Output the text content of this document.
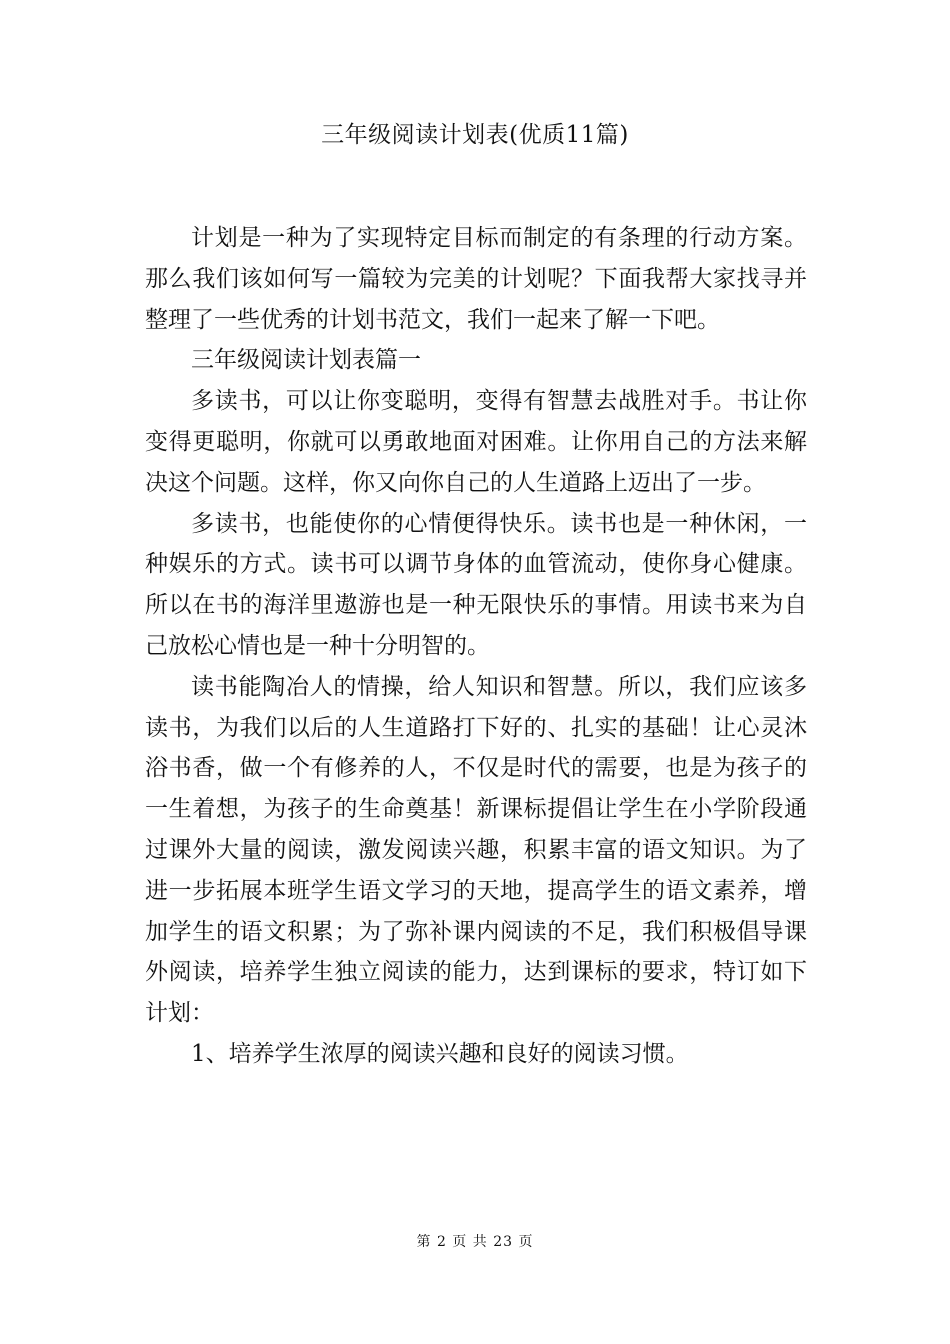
三年级阅读计划表(优质11篇)

计划是一种为了实现特定目标而制定的有条理的行动方案。那么我们该如何写一篇较为完美的计划呢？下面我帮大家找寻并整理了一些优秀的计划书范文，我们一起来了解一下吧。

三年级阅读计划表篇一

多读书，可以让你变聪明，变得有智慧去战胜对手。书让你变得更聪明，你就可以勇敢地面对困难。让你用自己的方法来解决这个问题。这样，你又向你自己的人生道路上迈出了一步。

多读书，也能使你的心情便得快乐。读书也是一种休闲，一种娱乐的方式。读书可以调节身体的血管流动，使你身心健康。所以在书的海洋里遨游也是一种无限快乐的事情。用读书来为自己放松心情也是一种十分明智的。

读书能陶冶人的情操，给人知识和智慧。所以，我们应该多读书，为我们以后的人生道路打下好的、扎实的基础！让心灵沐浴书香，做一个有修养的人，不仅是时代的需要，也是为孩子的一生着想，为孩子的生命奠基！新课标提倡让学生在小学阶段通过课外大量的阅读，激发阅读兴趣，积累丰富的语文知识。为了进一步拓展本班学生语文学习的天地，提高学生的语文素养，增加学生的语文积累；为了弥补课内阅读的不足，我们积极倡导课外阅读，培养学生独立阅读的能力，达到课标的要求，特订如下计划：

1、培养学生浓厚的阅读兴趣和良好的阅读习惯。

第 2 页 共 23 页
